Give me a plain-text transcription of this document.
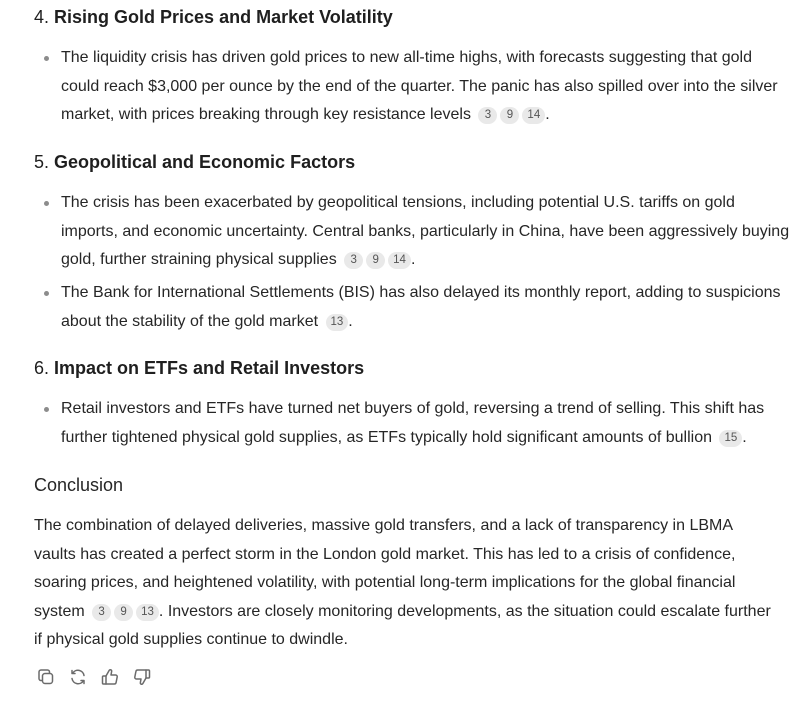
4. Rising Gold Prices and Market Volatility
The liquidity crisis has driven gold prices to new all-time highs, with forecasts suggesting that gold could reach $3,000 per ounce by the end of the quarter. The panic has also spilled over into the silver market, with prices breaking through key resistance levels 3 9 14 .
5. Geopolitical and Economic Factors
The crisis has been exacerbated by geopolitical tensions, including potential U.S. tariffs on gold imports, and economic uncertainty. Central banks, particularly in China, have been aggressively buying gold, further straining physical supplies 3 9 14 .
The Bank for International Settlements (BIS) has also delayed its monthly report, adding to suspicions about the stability of the gold market 13 .
6. Impact on ETFs and Retail Investors
Retail investors and ETFs have turned net buyers of gold, reversing a trend of selling. This shift has further tightened physical gold supplies, as ETFs typically hold significant amounts of bullion 15 .
Conclusion

The combination of delayed deliveries, massive gold transfers, and a lack of transparency in LBMA vaults has created a perfect storm in the London gold market. This has led to a crisis of confidence, soaring prices, and heightened volatility, with potential long-term implications for the global financial system 3 9 13 . Investors are closely monitoring developments, as the situation could escalate further if physical gold supplies continue to dwindle.
